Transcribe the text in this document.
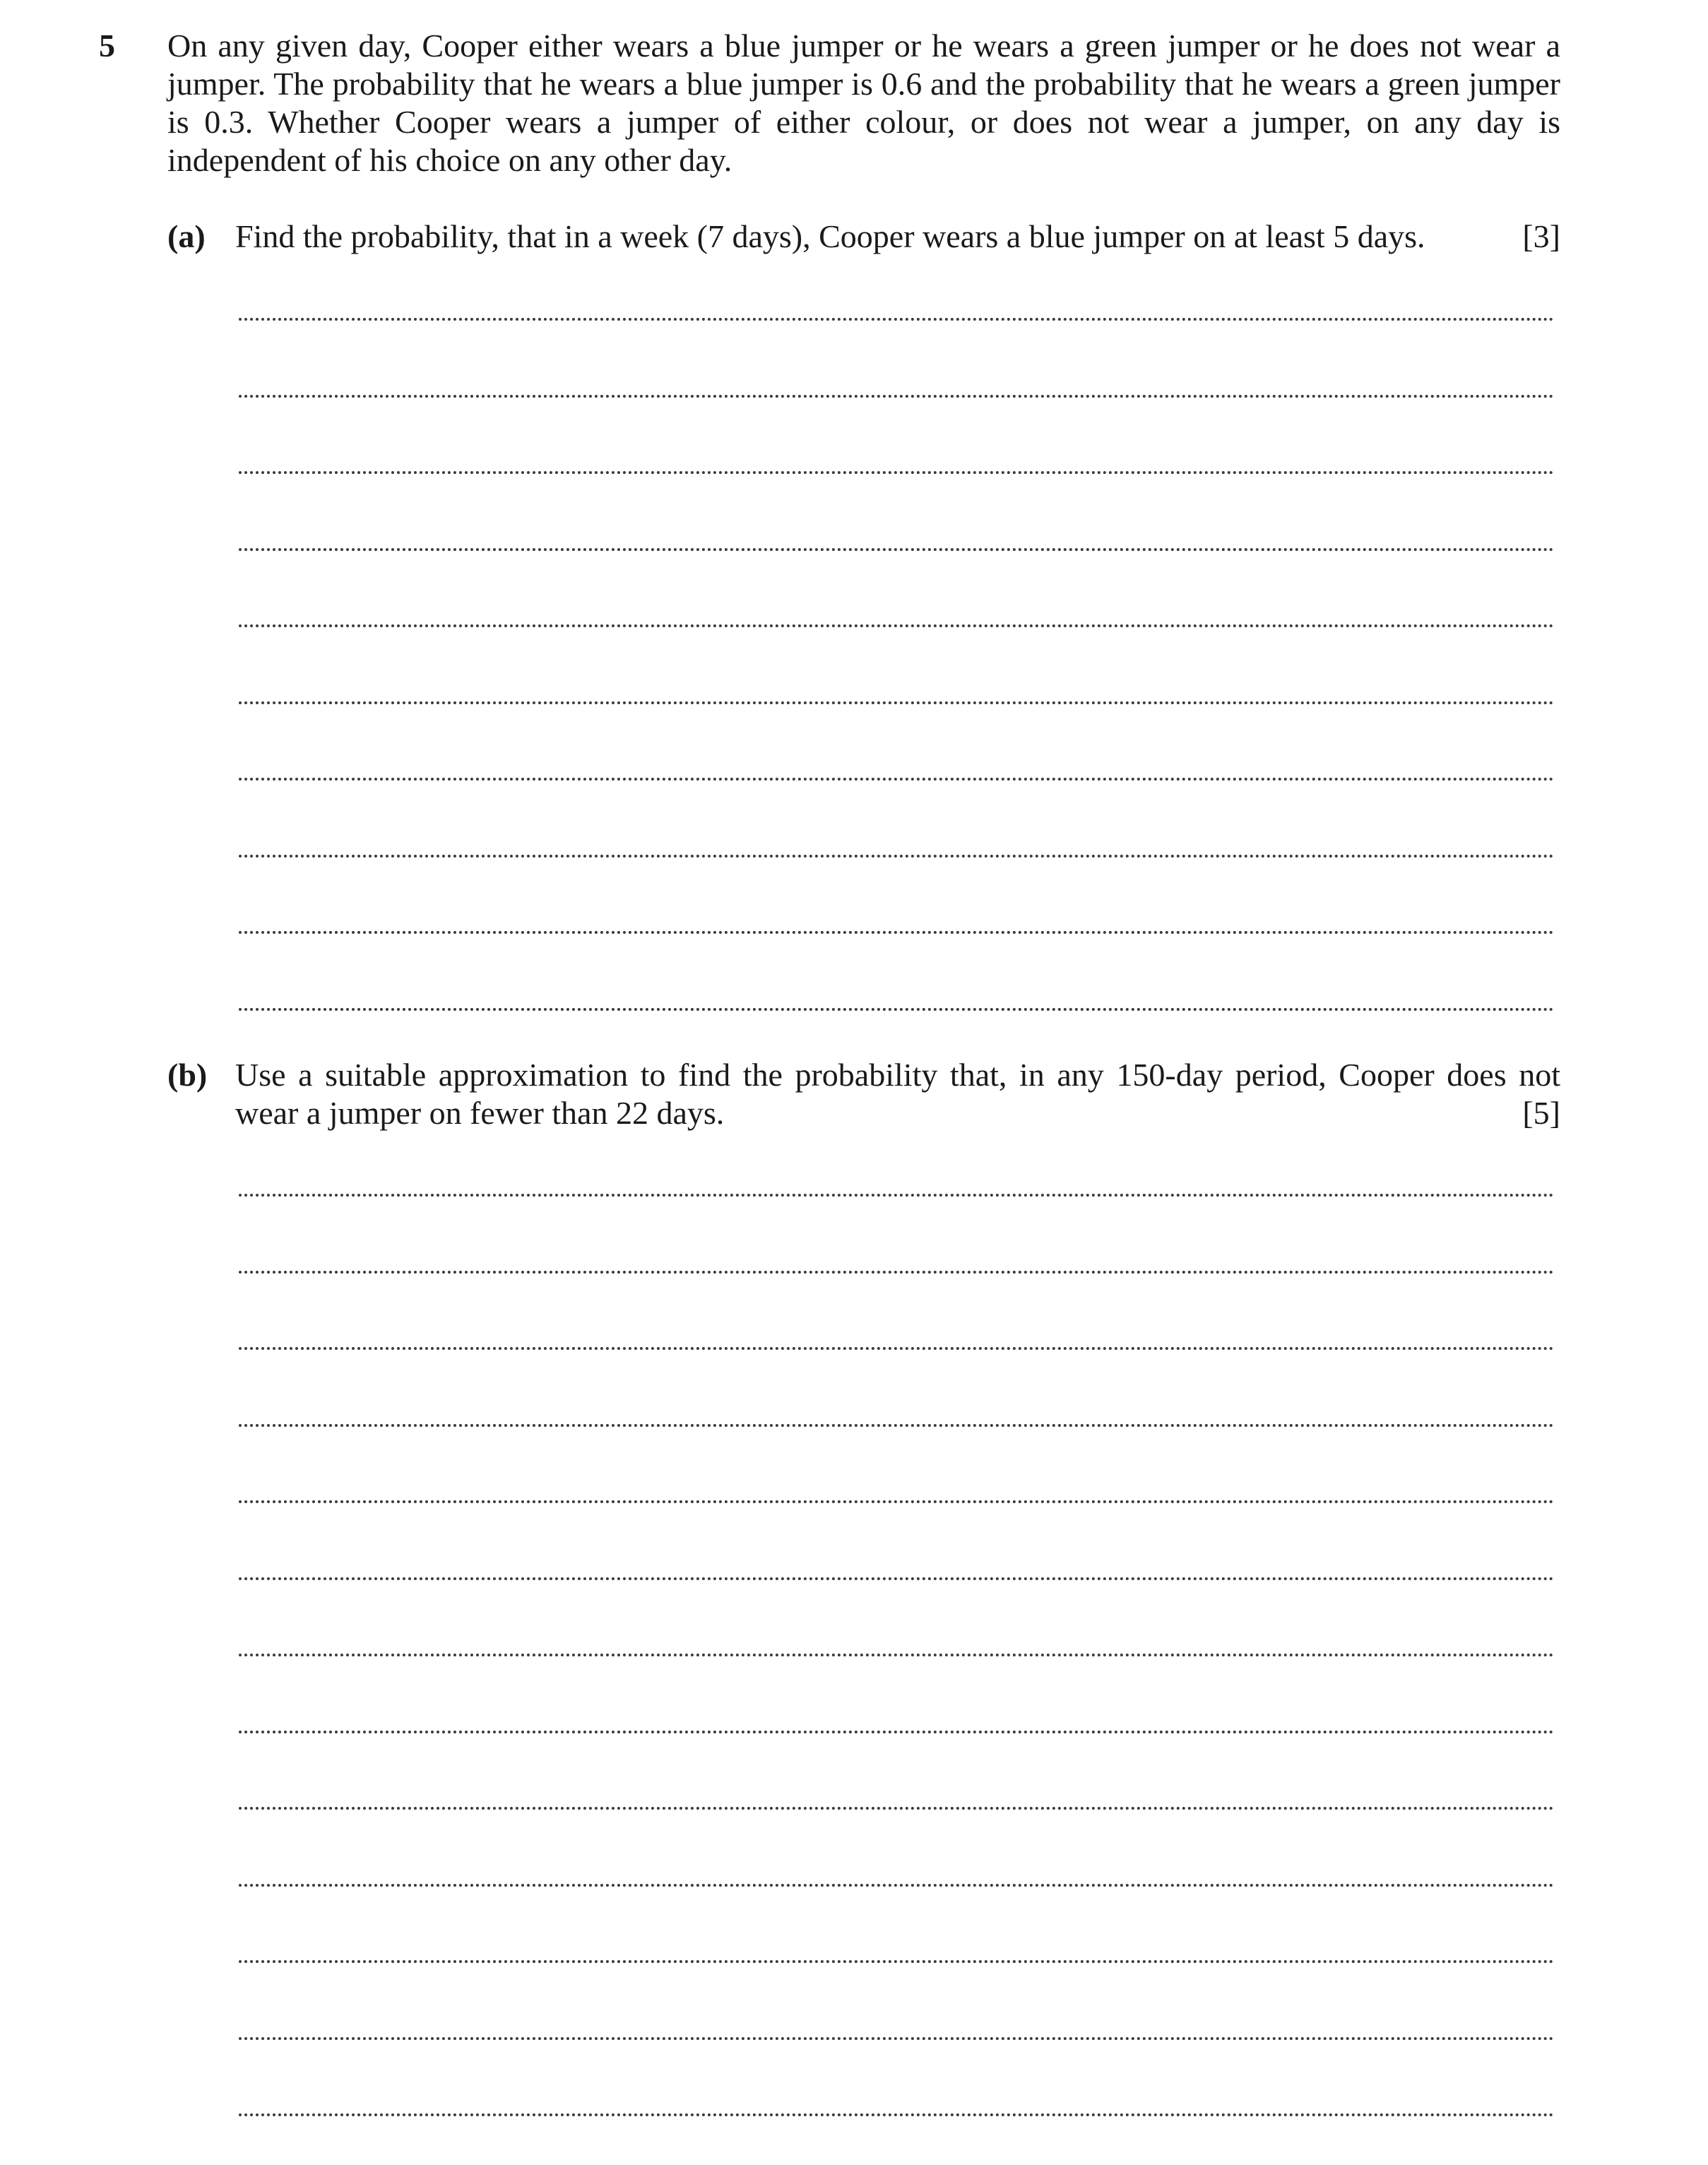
5 On any given day, Cooper either wears a blue jumper or he wears a green jumper or he does not wear a jumper. The probability that he wears a blue jumper is 0.6 and the probability that he wears a green jumper is 0.3. Whether Cooper wears a jumper of either colour, or does not wear a jumper, on any day is independent of his choice on any other day.
(a) Find the probability, that in a week (7 days), Cooper wears a blue jumper on at least 5 days.	[3]
(b) Use a suitable approximation to find the probability that, in any 150-day period, Cooper does not
wear a jumper on fewer than 22 days.	[5]
